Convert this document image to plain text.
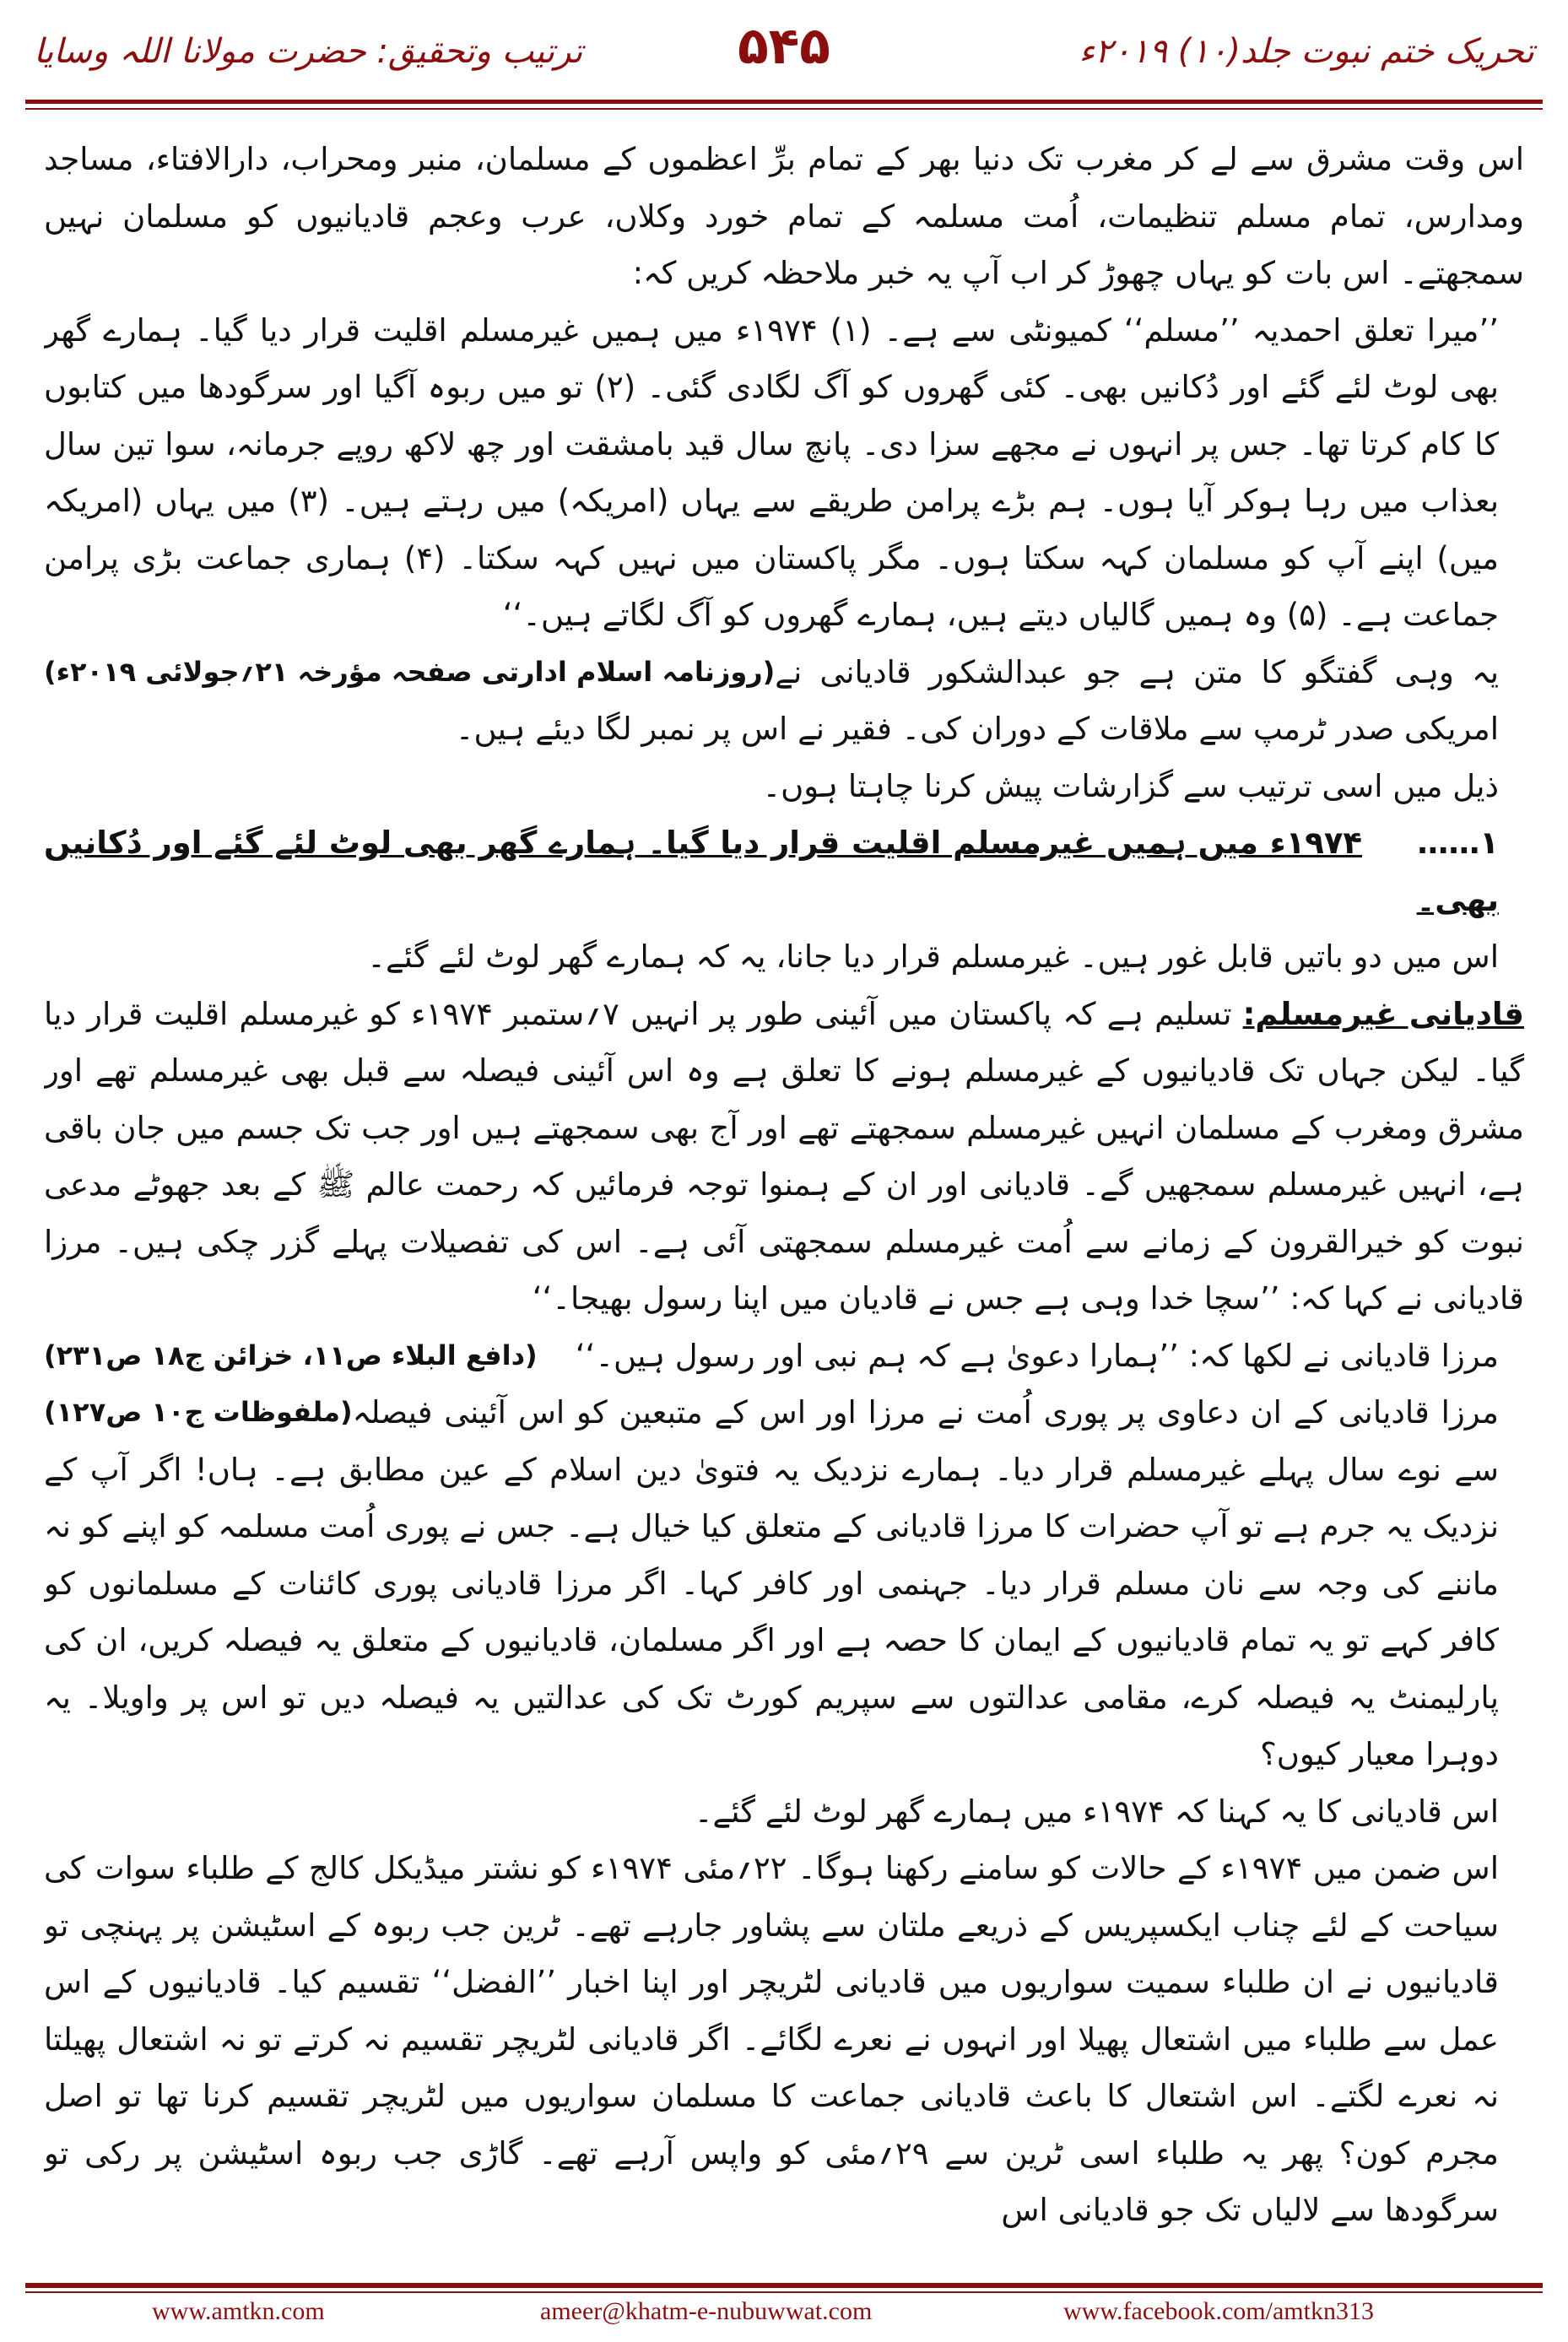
تحریک ختم نبوت جلد(۱۰) ۲۰۱۹ء
۵۴۵
ترتیب وتحقیق: حضرت مولانا اللہ وسایا

اس وقت مشرق سے لے کر مغرب تک دنیا بھر کے تمام برِّ اعظموں کے مسلمان، منبر ومحراب، دارالافتاء، مساجد ومدارس، تمام مسلم تنظیمات، اُمت مسلمہ کے تمام خورد وکلاں، عرب وعجم قادیانیوں کو مسلمان نہیں سمجھتے۔ اس بات کو یہاں چھوڑ کر اب آپ یہ خبر ملاحظہ کریں کہ:

’’میرا تعلق احمدیہ ’’مسلم‘‘ کمیونٹی سے ہے۔ (۱) ۱۹۷۴ء میں ہمیں غیرمسلم اقلیت قرار دیا گیا۔ ہمارے گھر بھی لوٹ لئے گئے اور دُکانیں بھی۔ کئی گھروں کو آگ لگادی گئی۔ (۲) تو میں ربوہ آگیا اور سرگودھا میں کتابوں کا کام کرتا تھا۔ جس پر انہوں نے مجھے سزا دی۔ پانچ سال قید بامشقت اور چھ لاکھ روپے جرمانہ، سوا تین سال بعذاب میں رہا ہوکر آیا ہوں۔ ہم بڑے پرامن طریقے سے یہاں (امریکہ) میں رہتے ہیں۔ (۳) میں یہاں (امریکہ میں) اپنے آپ کو مسلمان کہہ سکتا ہوں۔ مگر پاکستان میں نہیں کہہ سکتا۔ (۴) ہماری جماعت بڑی پرامن جماعت ہے۔ (۵) وہ ہمیں گالیاں دیتے ہیں، ہمارے گھروں کو آگ لگاتے ہیں۔‘‘
(روزنامہ اسلام ادارتی صفحہ مؤرخہ ۲۱؍جولائی ۲۰۱۹ء) یہ وہی گفتگو کا متن ہے جو عبدالشکور قادیانی نے امریکی صدر ٹرمپ سے ملاقات کے دوران کی۔ فقیر نے اس پر نمبر لگا دیئے ہیں۔

ذیل میں اسی ترتیب سے گزارشات پیش کرنا چاہتا ہوں۔

۱……  ۱۹۷۴ء میں ہمیں غیرمسلم اقلیت قرار دیا گیا۔ ہمارے گھر بھی لوٹ لئے گئے اور دُکانیں بھی۔

اس میں دو باتیں قابل غور ہیں۔ غیرمسلم قرار دیا جانا، یہ کہ ہمارے گھر لوٹ لئے گئے۔

قادیانی غیرمسلم: تسلیم ہے کہ پاکستان میں آئینی طور پر انہیں ۷؍ستمبر ۱۹۷۴ء کو غیرمسلم اقلیت قرار دیا گیا۔ لیکن جہاں تک قادیانیوں کے غیرمسلم ہونے کا تعلق ہے وہ اس آئینی فیصلہ سے قبل بھی غیرمسلم تھے اور مشرق ومغرب کے مسلمان انہیں غیرمسلم سمجھتے تھے اور آج بھی سمجھتے ہیں اور جب تک جسم میں جان باقی ہے، انہیں غیرمسلم سمجھیں گے۔ قادیانی اور ان کے ہمنوا توجہ فرمائیں کہ رحمت عالم ﷺ کے بعد جھوٹے مدعی نبوت کو خیرالقرون کے زمانے سے اُمت غیرمسلم سمجھتی آئی ہے۔ اس کی تفصیلات پہلے گزر چکی ہیں۔ مرزا قادیانی نے کہا کہ: ’’سچا خدا وہی ہے جس نے قادیان میں اپنا رسول بھیجا۔‘‘
(دافع البلاء ص۱۱، خزائن ج۱۸ ص۲۳۱)	مرزا قادیانی نے لکھا کہ: ’’ہمارا دعویٰ ہے کہ ہم نبی اور رسول ہیں۔‘‘
(ملفوظات ج۱۰ ص۱۲۷) مرزا قادیانی کے ان دعاوی پر پوری اُمت نے مرزا اور اس کے متبعین کو اس آئینی فیصلہ سے نوے سال پہلے غیرمسلم قرار دیا۔ ہمارے نزدیک یہ فتویٰ دین اسلام کے عین مطابق ہے۔ ہاں! اگر آپ کے نزدیک یہ جرم ہے تو آپ حضرات کا مرزا قادیانی کے متعلق کیا خیال ہے۔ جس نے پوری اُمت مسلمہ کو اپنے کو نہ ماننے کی وجہ سے نان مسلم قرار دیا۔ جہنمی اور کافر کہا۔ اگر مرزا قادیانی پوری کائنات کے مسلمانوں کو کافر کہے تو یہ تمام قادیانیوں کے ایمان کا حصہ ہے اور اگر مسلمان، قادیانیوں کے متعلق یہ فیصلہ کریں، ان کی پارلیمنٹ یہ فیصلہ کرے، مقامی عدالتوں سے سپریم کورٹ تک کی عدالتیں یہ فیصلہ دیں تو اس پر واویلا۔ یہ دوہرا معیار کیوں؟

اس قادیانی کا یہ کہنا کہ ۱۹۷۴ء میں ہمارے گھر لوٹ لئے گئے۔

اس ضمن میں ۱۹۷۴ء کے حالات کو سامنے رکھنا ہوگا۔ ۲۲؍مئی ۱۹۷۴ء کو نشتر میڈیکل کالج کے طلباء سوات کی سیاحت کے لئے چناب ایکسپریس کے ذریعے ملتان سے پشاور جارہے تھے۔ ٹرین جب ربوہ کے اسٹیشن پر پہنچی تو قادیانیوں نے ان طلباء سمیت سواریوں میں قادیانی لٹریچر اور اپنا اخبار ’’الفضل‘‘ تقسیم کیا۔ قادیانیوں کے اس عمل سے طلباء میں اشتعال پھیلا اور انہوں نے نعرے لگائے۔ اگر قادیانی لٹریچر تقسیم نہ کرتے تو نہ اشتعال پھیلتا نہ نعرے لگتے۔ اس اشتعال کا باعث قادیانی جماعت کا مسلمان سواریوں میں لٹریچر تقسیم کرنا تھا تو اصل مجرم کون؟ پھر یہ طلباء اسی ٹرین سے ۲۹؍مئی کو واپس آرہے تھے۔ گاڑی جب ربوہ اسٹیشن پر رکی تو سرگودھا سے لالیاں تک جو قادیانی اس

www.amtkn.com	ameer@khatm-e-nubuwwat.com	www.facebook.com/amtkn313
